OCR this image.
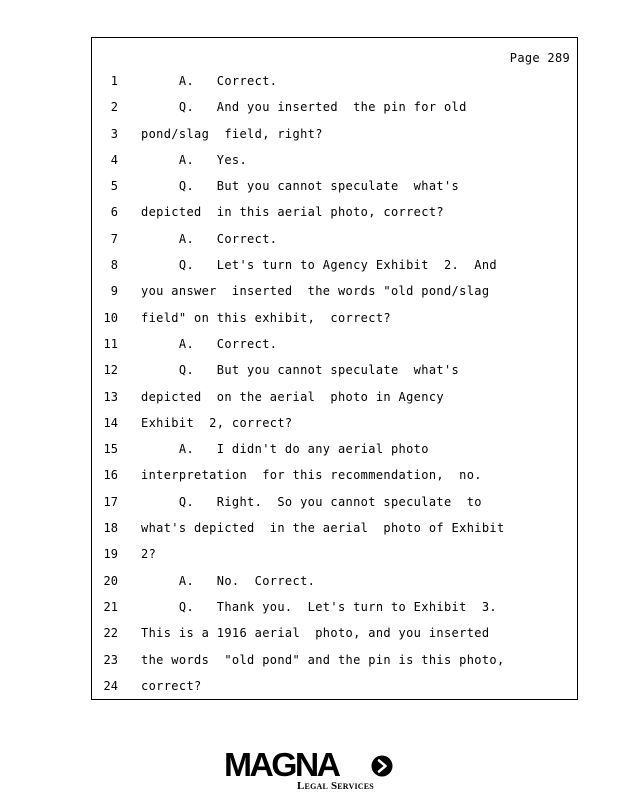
Page 289
1 A.   Correct.
2 Q.   And you inserted  the pin for old
3 pond/slag  field, right?
4 A.   Yes.
5 Q.   But you cannot speculate  what's
6 depicted  in this aerial photo, correct?
7 A.   Correct.
8 Q.   Let's turn to Agency Exhibit  2.  And
9 you answer  inserted  the words "old pond/slag
10 field" on this exhibit,  correct?
11 A.   Correct.
12 Q.   But you cannot speculate  what's
13 depicted  on the aerial  photo in Agency
14 Exhibit  2, correct?
15 A.   I didn't do any aerial photo
16 interpretation  for this recommendation,  no.
17 Q.   Right.  So you cannot speculate  to
18 what's depicted  in the aerial  photo of Exhibit
19 2?
20 A.   No.  Correct.
21 Q.   Thank you.  Let's turn to Exhibit  3.
22 This is a 1916 aerial  photo, and you inserted
23 the words  "old pond" and the pin is this photo,
24 correct?
MAGNA
Legal Services
